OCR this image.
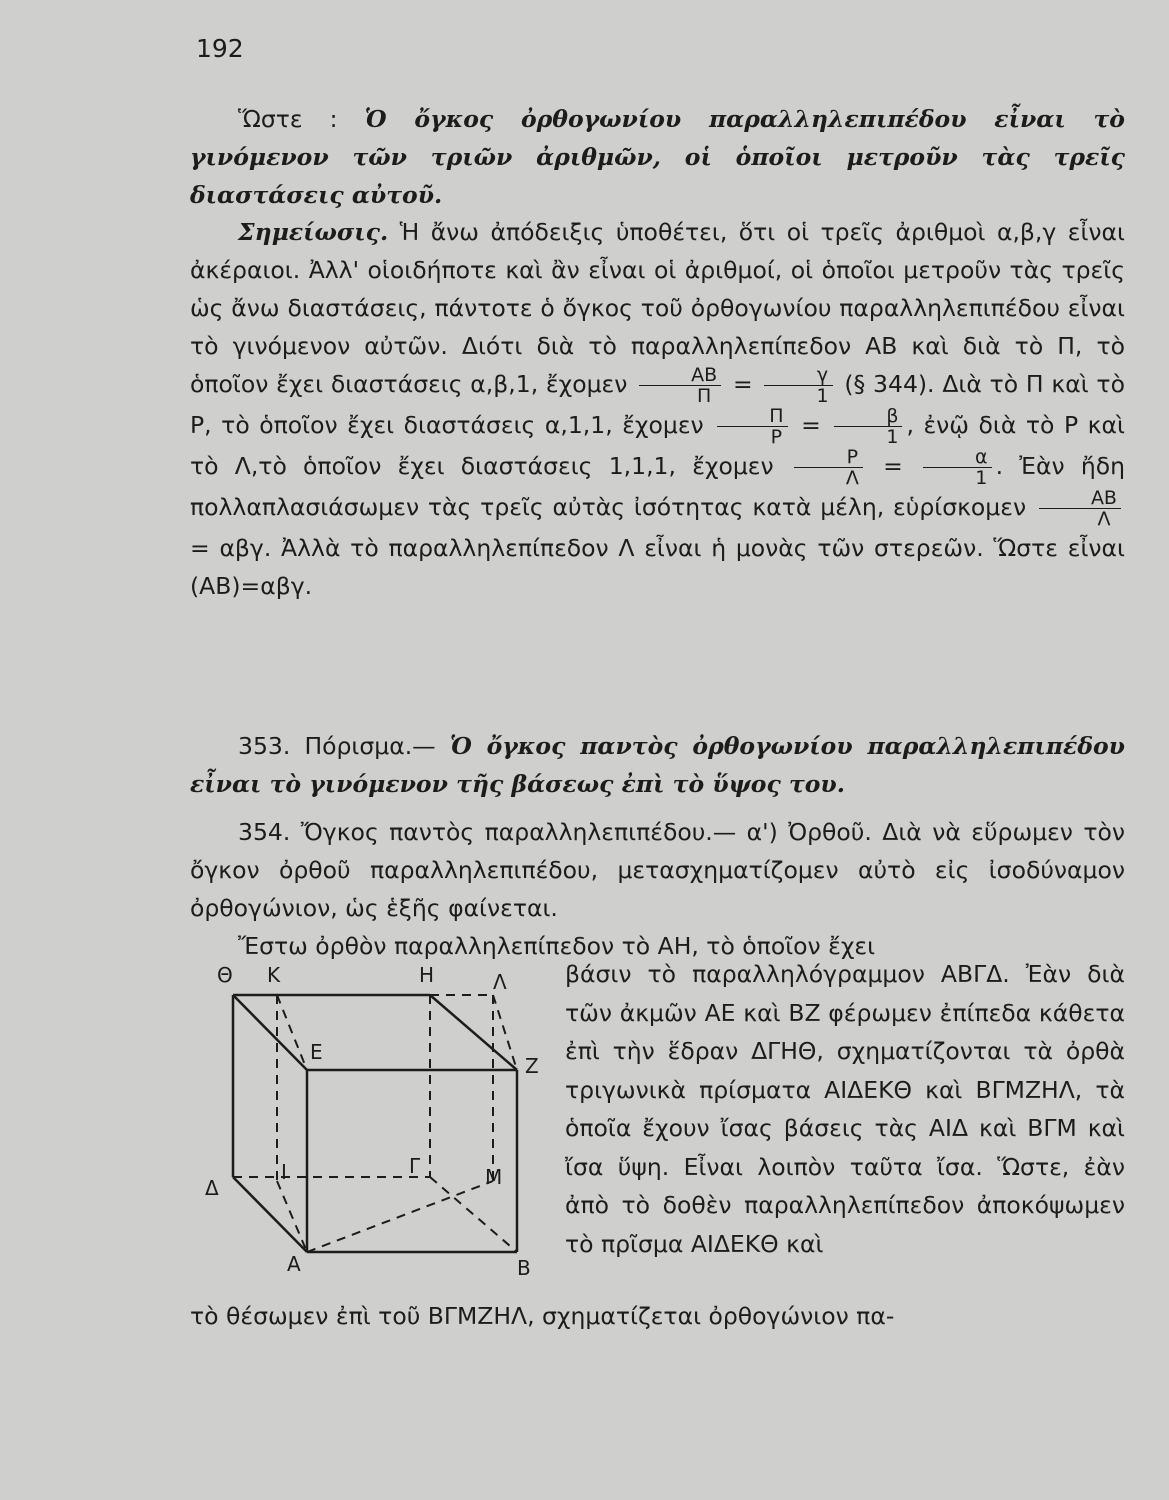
192

Ὥστε : Ὁ ὄγκος ὀρθογωνίου παραλληλεπιπέδου εἶναι τὸ γινόμενον τῶν τριῶν ἀριθμῶν, οἱ ὁποῖοι μετροῦν τὰς τρεῖς διαστάσεις αὐτοῦ.

Σημείωσις. Ἡ ἄνω ἀπόδειξις ὑποθέτει, ὅτι οἱ τρεῖς ἀριθμοὶ α,β,γ εἶναι ἀκέραιοι. Ἀλλ' οἱοιδήποτε καὶ ἂν εἶναι οἱ ἀριθμοί, οἱ ὁποῖοι μετροῦν τὰς τρεῖς ὡς ἄνω διαστάσεις, πάντοτε ὁ ὄγκος τοῦ ὀρθογωνίου παραλληλεπιπέδου εἶναι τὸ γινόμενον αὐτῶν. Διότι διὰ τὸ παραλληλεπίπεδον ΑΒ καὶ διὰ τὸ Π, τὸ ὁποῖον ἔχει διαστάσεις α,β,1, ἔχομεν $\frac{AB}{\Pi} = \frac{\gamma}{1}$ (§ 344). Διὰ τὸ Π καὶ τὸ Ρ, τὸ ὁποῖον ἔχει διαστάσεις α,1,1, ἔχομεν $\frac{\Pi}{P} = \frac{\beta}{1}$ , ἐνῷ διὰ τὸ Ρ καὶ τὸ Λ,τὸ ὁποῖον ἔχει διαστάσεις 1,1,1, ἔχομεν $\frac{P}{\Lambda} = \frac{\alpha}{1}$ . Ἐὰν ἤδη πολλαπλασιάσωμεν τὰς τρεῖς αὐτὰς ἰσότητας κατὰ μέλη, εὑρίσκομεν $\frac{AB}{\Lambda}$
= αβγ. Ἀλλὰ τὸ παραλληλεπίπεδον Λ εἶναι ἡ μονὰς τῶν στερεῶν. Ὥστε εἶναι (ΑΒ)=αβγ.

353. Πόρισμα.— Ὁ ὄγκος παντὸς ὀρθογωνίου παραλληλεπιπέδου εἶναι τὸ γινόμενον τῆς βάσεως ἐπὶ τὸ ὕψος του.

354. Ὄγκος παντὸς παραλληλεπιπέδου.— α') Ὀρθοῦ. Διὰ νὰ εὕρωμεν τὸν ὄγκον ὀρθοῦ παραλληλεπιπέδου, μετασχηματίζομεν αὐτὸ εἰς ἰσοδύναμον ὀρθογώνιον, ὡς ἑξῆς φαίνεται.

Ἔστω ὀρθὸν παραλληλεπίπεδον τὸ ΑΗ, τὸ ὁποῖον ἔχει

Θ Κ	Η	Λ
Ε
Ζ
Ι	Γ	Μ
Δ
Α	Β

βάσιν τὸ παραλληλόγραμμον ΑΒΓΔ. Ἐὰν διὰ τῶν ἀκμῶν ΑΕ καὶ ΒΖ φέρωμεν ἐπίπεδα κάθετα ἐπὶ τὴν ἕδραν ΔΓΗΘ, σχηματίζονται τὰ ὀρθὰ τριγωνικὰ πρίσματα ΑΙΔΕΚΘ καὶ ΒΓΜΖΗΛ, τὰ ὁποῖα ἔχουν ἴσας βάσεις τὰς ΑΙΔ καὶ ΒΓΜ καὶ ἴσα ὕψη. Εἶναι λοιπὸν ταῦτα ἴσα. Ὥστε, ἐὰν ἀπὸ τὸ δοθὲν παραλληλεπίπεδον ἀποκόψωμεν τὸ πρῖσμα ΑΙΔΕΚΘ καὶ

τὸ θέσωμεν ἐπὶ τοῦ ΒΓΜΖΗΛ, σχηματίζεται ὀρθογώνιον πα-
